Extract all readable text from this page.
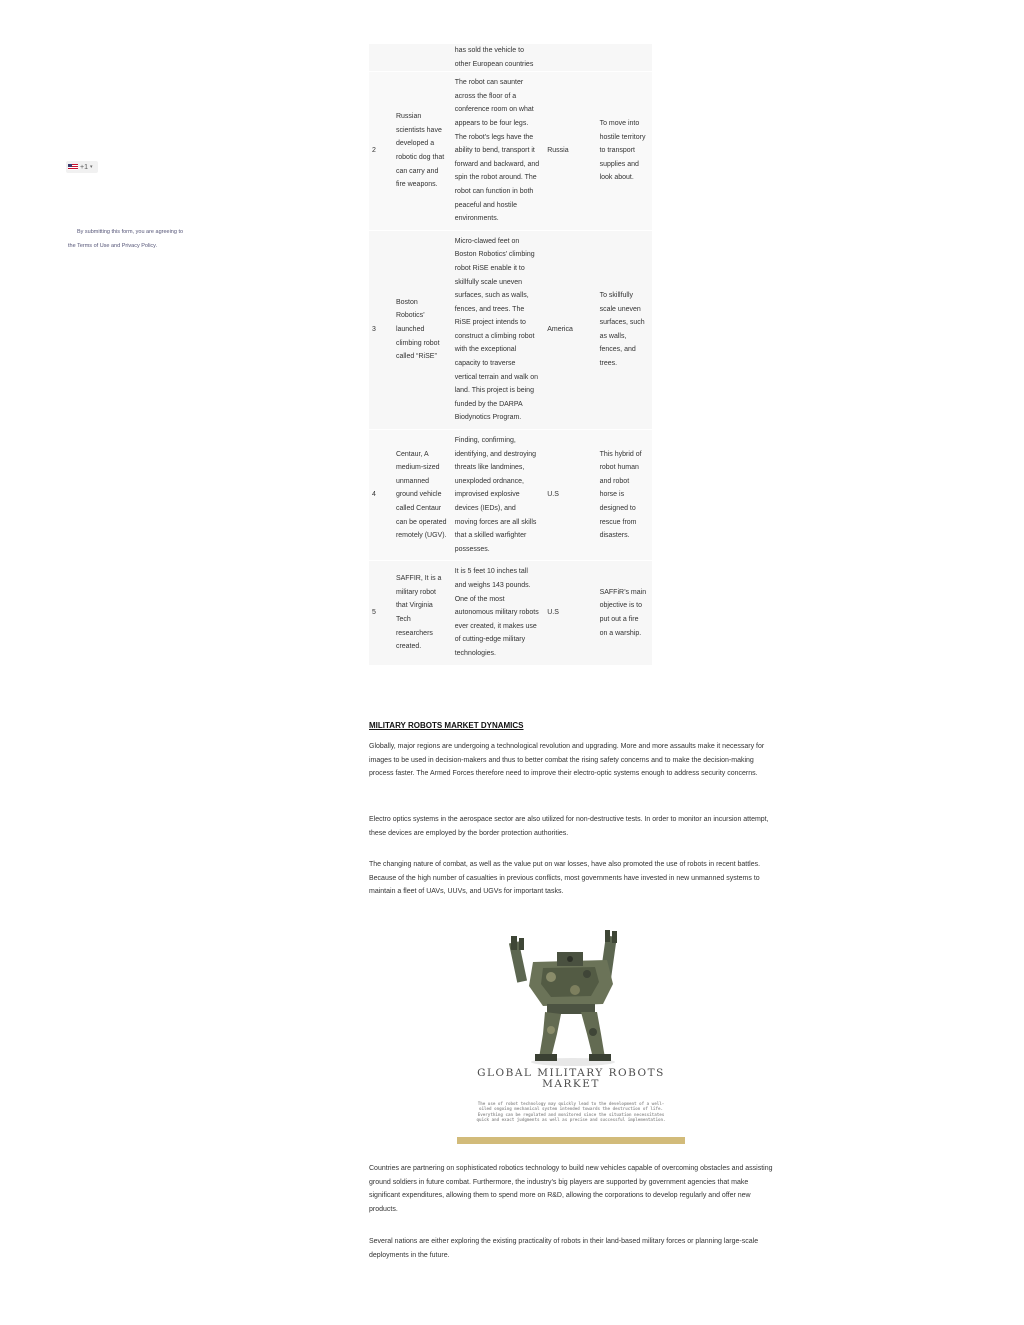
+1 ▾
By submitting this form, you are agreeing to

the Terms of Use and Privacy Policy.
		has sold the vehicle to other European countries		
2	Russian scientists have developed a robotic dog that can carry and fire weapons.	The robot can saunter across the floor of a conference room on what appears to be four legs. The robot’s legs have the ability to bend, transport it forward and backward, and spin the robot around. The robot can function in both peaceful and hostile environments.	Russia	To move into hostile territory to transport supplies and look about.
3	Boston Robotics’ launched climbing robot called “RiSE”	Micro-clawed feet on Boston Robotics’ climbing robot RiSE enable it to skillfully scale uneven surfaces, such as walls, fences, and trees. The RiSE project intends to construct a climbing robot with the exceptional capacity to traverse vertical terrain and walk on land. This project is being funded by the DARPA Biodynotics Program.	America	To skillfully scale uneven surfaces, such as walls, fences, and trees.
4	Centaur, A medium-sized unmanned ground vehicle called Centaur can be operated remotely (UGV).	Finding, confirming, identifying, and destroying threats like landmines, unexploded ordnance, improvised explosive devices (IEDs), and moving forces are all skills that a skilled warfighter possesses.	U.S	This hybrid of robot human and robot horse is designed to rescue from disasters.
5	SAFFIR, It is a military robot that Virginia Tech researchers created.	It is 5 feet 10 inches tall and weighs 143 pounds. One of the most autonomous military robots ever created, it makes use of cutting-edge military technologies.	U.S	SAFFiR’s main objective is to put out a fire on a warship.
MILITARY ROBOTS MARKET DYNAMICS

Globally, major regions are undergoing a technological revolution and upgrading. More and more assaults make it necessary for images to be used in decision-makers and thus to better combat the rising safety concerns and to make the decision-making process faster. The Armed Forces therefore need to improve their electro-optic systems enough to address security concerns.

Electro optics systems in the aerospace sector are also utilized for non-destructive tests. In order to monitor an incursion attempt, these devices are employed by the border protection authorities.

The changing nature of combat, as well as the value put on war losses, have also promoted the use of robots in recent battles. Because of the high number of casualties in previous conflicts, most governments have invested in new unmanned systems to maintain a fleet of UAVs, UUVs, and UGVs for important tasks.

GLOBAL MILITARY ROBOTS MARKET
The use of robot technology may quickly lead to the development of a well-oiled ongoing mechanical system intended towards the destruction of life. Everything can be regulated and monitored since the situation necessitates quick and exact judgments as well as precise and successful implementation.

Countries are partnering on sophisticated robotics technology to build new vehicles capable of overcoming obstacles and assisting ground soldiers in future combat. Furthermore, the industry’s big players are supported by government agencies that make significant expenditures, allowing them to spend more on R&D, allowing the corporations to develop regularly and offer new products.

Several nations are either exploring the existing practicality of robots in their land-based military forces or planning large-scale deployments in the future.
